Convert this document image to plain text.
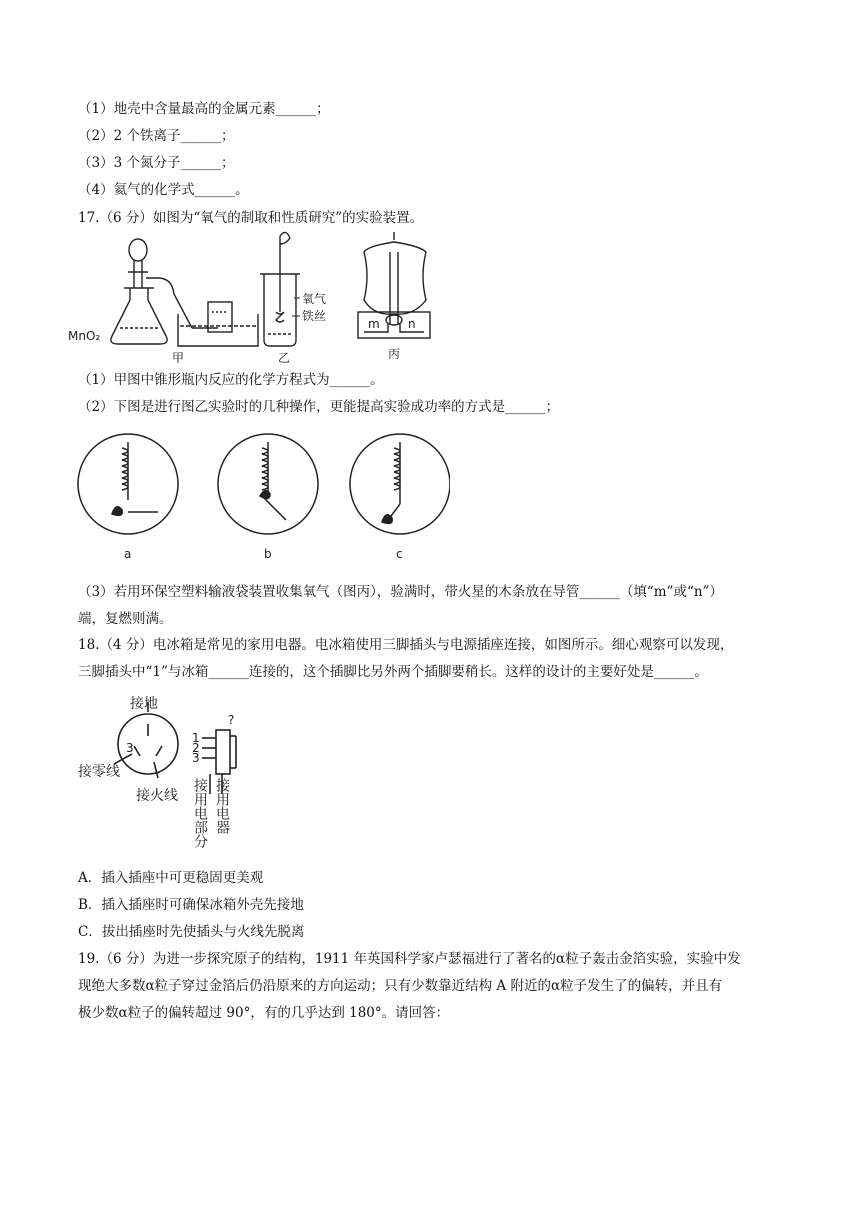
（1）地壳中含量最高的金属元素______；
（2）2 个铁离子______；
（3）3 个氮分子______；
（4）氦气的化学式______。
17.（6 分）如图为“氧气的制取和性质研究”的实验装置。
MnO₂
甲
氧气
铁丝
乙
m n
丙
（1）甲图中锥形瓶内反应的化学方程式为______。
（2）下图是进行图乙实验时的几种操作，更能提高实验成功率的方式是______；
a	b	c
（3）若用环保空塑料输液袋装置收集氧气（图丙），验满时，带火星的木条放在导管______（填“m”或“n”）
端，复燃则满。
18.（4 分）电冰箱是常见的家用电器。电冰箱使用三脚插头与电源插座连接，如图所示。细心观察可以发现，
三脚插头中“1”与冰箱______连接的，这个插脚比另外两个插脚要稍长。这样的设计的主要好处是______。
接地
3
接零线
接火线
?
1
2
3
接用电部分 接用电器
A．插入插座中可更稳固更美观
B．插入插座时可确保冰箱外壳先接地
C．拔出插座时先使插头与火线先脱离
19.（6 分）为进一步探究原子的结构，1911 年英国科学家卢瑟福进行了著名的α粒子轰击金箔实验，实验中发
现绝大多数α粒子穿过金箔后仍沿原来的方向运动；只有少数靠近结构 A 附近的α粒子发生了的偏转，并且有
极少数α粒子的偏转超过 90°，有的几乎达到 180°。请回答：
